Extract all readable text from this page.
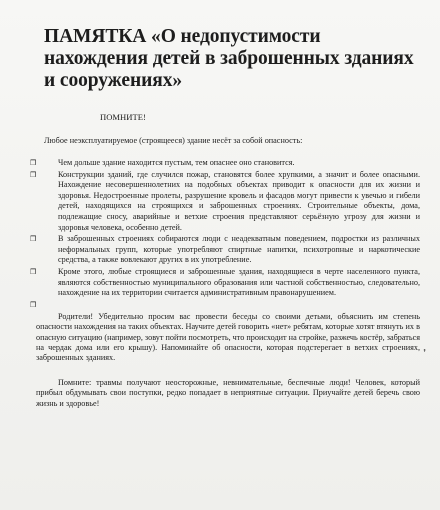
ПАМЯТКА «О недопустимости нахождения детей в заброшенных зданиях и сооружениях»
ПОМНИТЕ!
Любое неэксплуатируемое (строящееся) здание несёт за собой опасность:
❒	Чем дольше здание находится пустым, тем опаснее оно становится.
❒	Конструкции зданий, где случился пожар, становятся более хрупкими, а значит и более опасными. Нахождение несовершеннолетних на подобных объектах приводит к опасности для их жизни и здоровья. Недостроенные пролеты, разрушение кровель и фасадов могут привести к увечью и гибели детей, находящихся на строящихся и заброшенных строениях. Строительные объекты, дома, подлежащие сносу, аварийные и ветхие строения представляют серьёзную угрозу для жизни и здоровья человека, особенно детей.
❒	В заброшенных строениях собираются люди с неадекватным поведением, подростки из различных неформальных групп, которые употребляют спиртные напитки, психотропные и наркотические средства, а также вовлекают других в их употребление.
❒	Кроме этого, любые строящиеся и заброшенные здания, находящиеся в черте населенного пункта, являются собственностью муниципального образования или частной собственностью, следовательно, нахождение на их территории считается административным правонарушением.
❒

Родители! Убедительно просим вас провести беседы со своими детьми, объяснить им степень опасности нахождения на таких объектах. Научите детей говорить «нет» ребятам, которые хотят втянуть их в опасную ситуацию (например, зовут пойти посмотреть, что происходит на стройке, разжечь костёр, забраться на чердак дома или его крышу). Напоминайте об опасности, которая подстерегает в ветхих строениях, заброшенных зданиях.

Помните: травмы получают неосторожные, невнимательные, беспечные люди! Человек, который прибыл обдумывать свои поступки, редко попадает в неприятные ситуации. Приучайте детей беречь свою жизнь и здоровье!

❜
